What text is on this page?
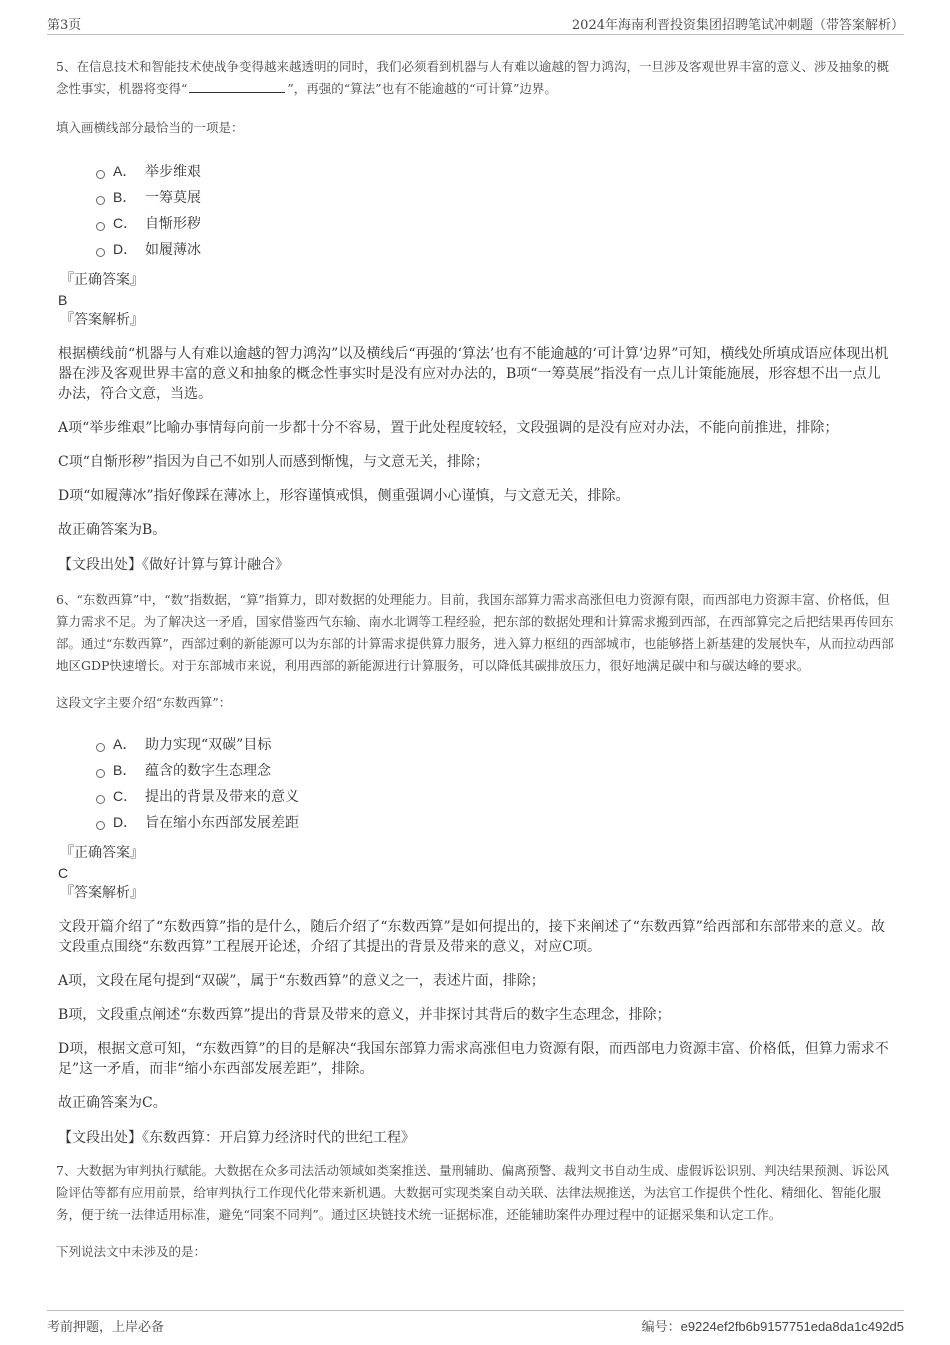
第3页	2024年海南利晋投资集团招聘笔试冲刺题（带答案解析）

5、在信息技术和智能技术使战争变得越来越透明的同时，我们必须看到机器与人有难以逾越的智力鸿沟，一旦涉及客观世界丰富的意义、涉及抽象的概念性事实，机器将变得“	”，再强的“算法”也有不能逾越的“可计算”边界。

填入画横线部分最恰当的一项是：

A． 举步维艰
B． 一筹莫展
C． 自惭形秽
D． 如履薄冰

『正确答案』

B

『答案解析』

根据横线前“机器与人有难以逾越的智力鸿沟”以及横线后“再强的‘算法’也有不能逾越的‘可计算’边界”可知，横线处所填成语应体现出机器在涉及客观世界丰富的意义和抽象的概念性事实时是没有应对办法的，B项“一筹莫展”指没有一点儿计策能施展，形容想不出一点儿办法，符合文意，当选。

A项“举步维艰”比喻办事情每向前一步都十分不容易，置于此处程度较轻，文段强调的是没有应对办法，不能向前推进，排除；

C项“自惭形秽”指因为自己不如别人而感到惭愧，与文意无关，排除；

D项“如履薄冰”指好像踩在薄冰上，形容谨慎戒惧，侧重强调小心谨慎，与文意无关，排除。

故正确答案为B。

【文段出处】《做好计算与算计融合》

6、“东数西算”中，“数”指数据，“算”指算力，即对数据的处理能力。目前，我国东部算力需求高涨但电力资源有限，而西部电力资源丰富、价格低，但算力需求不足。为了解决这一矛盾，国家借鉴西气东输、南水北调等工程经验，把东部的数据处理和计算需求搬到西部，在西部算完之后把结果再传回东部。通过“东数西算”，西部过剩的新能源可以为东部的计算需求提供算力服务，进入算力枢纽的西部城市，也能够搭上新基建的发展快车，从而拉动西部地区GDP快速增长。对于东部城市来说，利用西部的新能源进行计算服务，可以降低其碳排放压力，很好地满足碳中和与碳达峰的要求。

这段文字主要介绍“东数西算”：

A． 助力实现“双碳”目标
B． 蕴含的数字生态理念
C． 提出的背景及带来的意义
D． 旨在缩小东西部发展差距

『正确答案』

C

『答案解析』

文段开篇介绍了“东数西算”指的是什么，随后介绍了“东数西算”是如何提出的，接下来阐述了“东数西算”给西部和东部带来的意义。故文段重点围绕“东数西算”工程展开论述，介绍了其提出的背景及带来的意义，对应C项。

A项，文段在尾句提到“双碳”，属于“东数西算”的意义之一，表述片面，排除；

B项，文段重点阐述“东数西算”提出的背景及带来的意义，并非探讨其背后的数字生态理念，排除；

D项，根据文意可知，“东数西算”的目的是解决“我国东部算力需求高涨但电力资源有限，而西部电力资源丰富、价格低，但算力需求不足”这一矛盾，而非“缩小东西部发展差距”，排除。

故正确答案为C。

【文段出处】《东数西算：开启算力经济时代的世纪工程》

7、大数据为审判执行赋能。大数据在众多司法活动领域如类案推送、量刑辅助、偏离预警、裁判文书自动生成、虚假诉讼识别、判决结果预测、诉讼风险评估等都有应用前景，给审判执行工作现代化带来新机遇。大数据可实现类案自动关联、法律法规推送，为法官工作提供个性化、精细化、智能化服务，便于统一法律适用标准，避免“同案不同判”。通过区块链技术统一证据标准，还能辅助案件办理过程中的证据采集和认定工作。

下列说法文中未涉及的是：

考前押题，上岸必备	编号：e9224ef2fb6b9157751eda8da1c492d5
